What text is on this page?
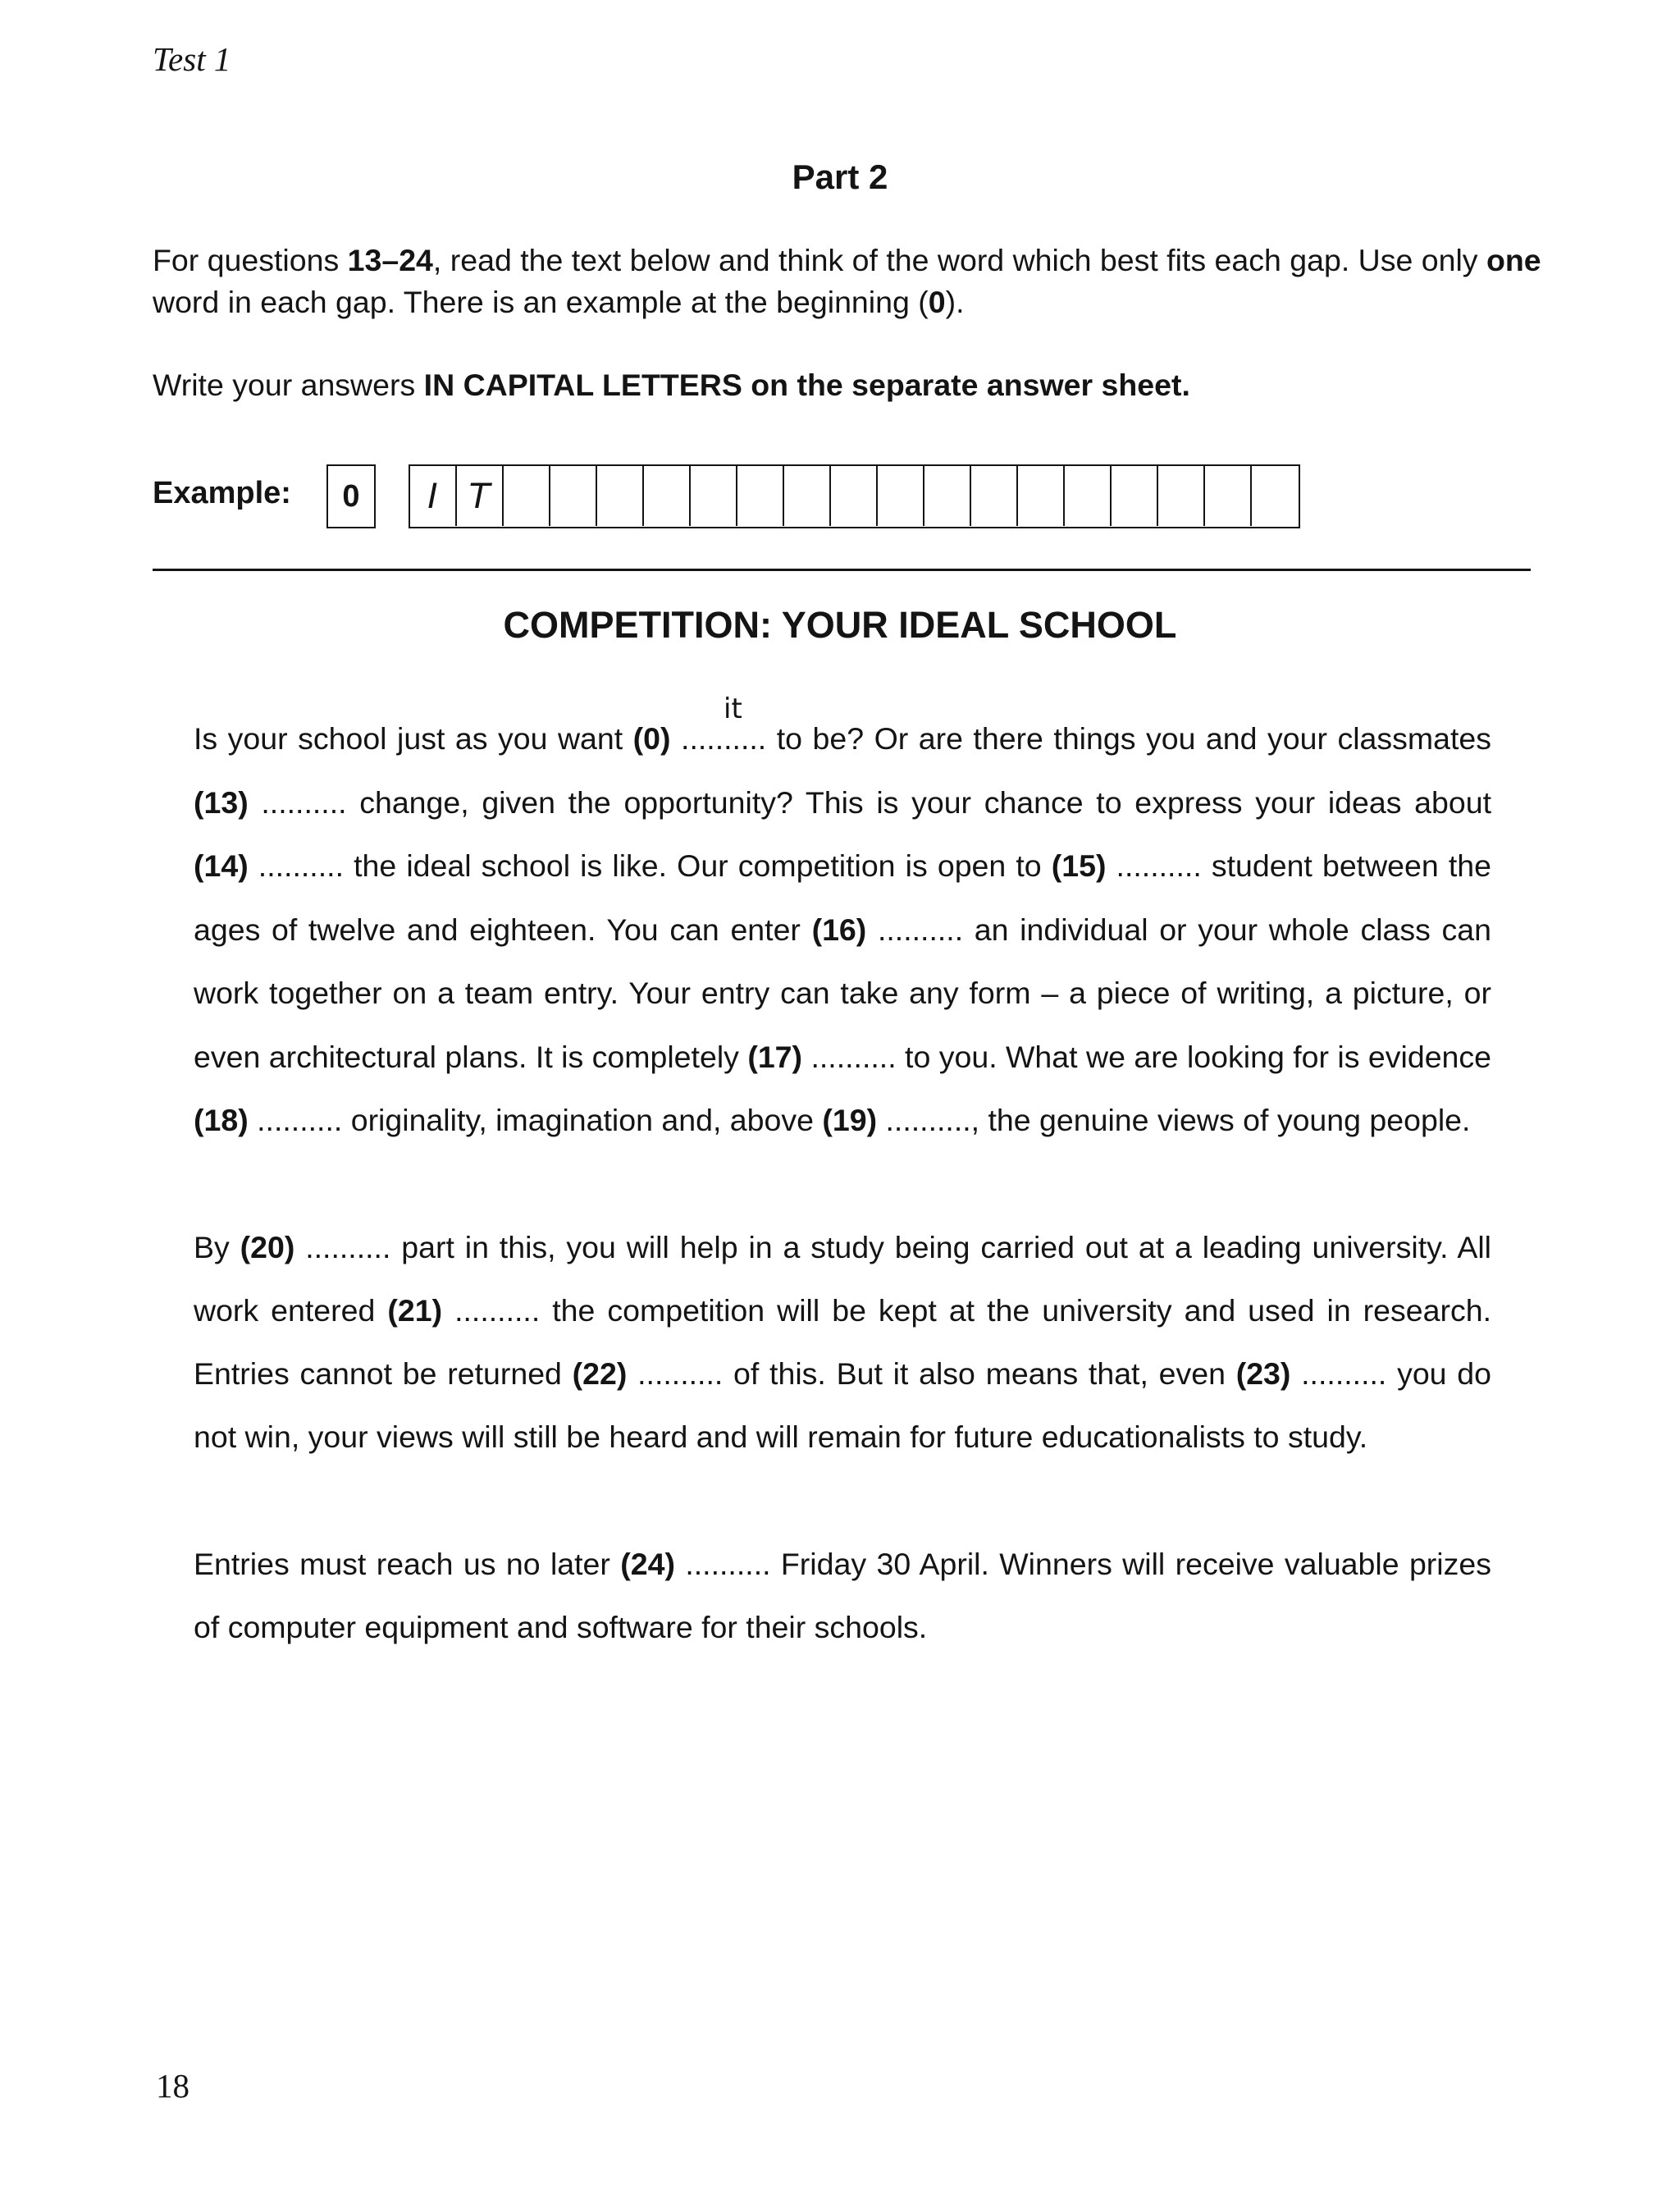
Test 1
Part 2

For questions 13–24, read the text below and think of the word which best fits each gap. Use only one word in each gap. There is an example at the beginning (0).

Write your answers IN CAPITAL LETTERS on the separate answer sheet.

Example:	0	I T
COMPETITION: YOUR IDEAL SCHOOL

Is your school just as you want (0) ..........
it
to be? Or are there things you and your classmates (13) .......... change, given the opportunity? This is your chance to express your ideas about (14) .......... the ideal school is like. Our competition is open to (15) .......... student between the ages of twelve and eighteen. You can enter (16) .......... an individual or your whole class can work together on a team entry. Your entry can take any form – a piece of writing, a picture, or even architectural plans. It is completely (17) .......... to you. What we are looking for is evidence (18) .......... originality, imagination and, above (19) .........., the genuine views of young people.

By (20) .......... part in this, you will help in a study being carried out at a leading university. All work entered (21) .......... the competition will be kept at the university and used in research. Entries cannot be returned (22) .......... of this. But it also means that, even (23) .......... you do not win, your views will still be heard and will remain for future educationalists to study.

Entries must reach us no later (24) .......... Friday 30 April. Winners will receive valuable prizes of computer equipment and software for their schools.

18
